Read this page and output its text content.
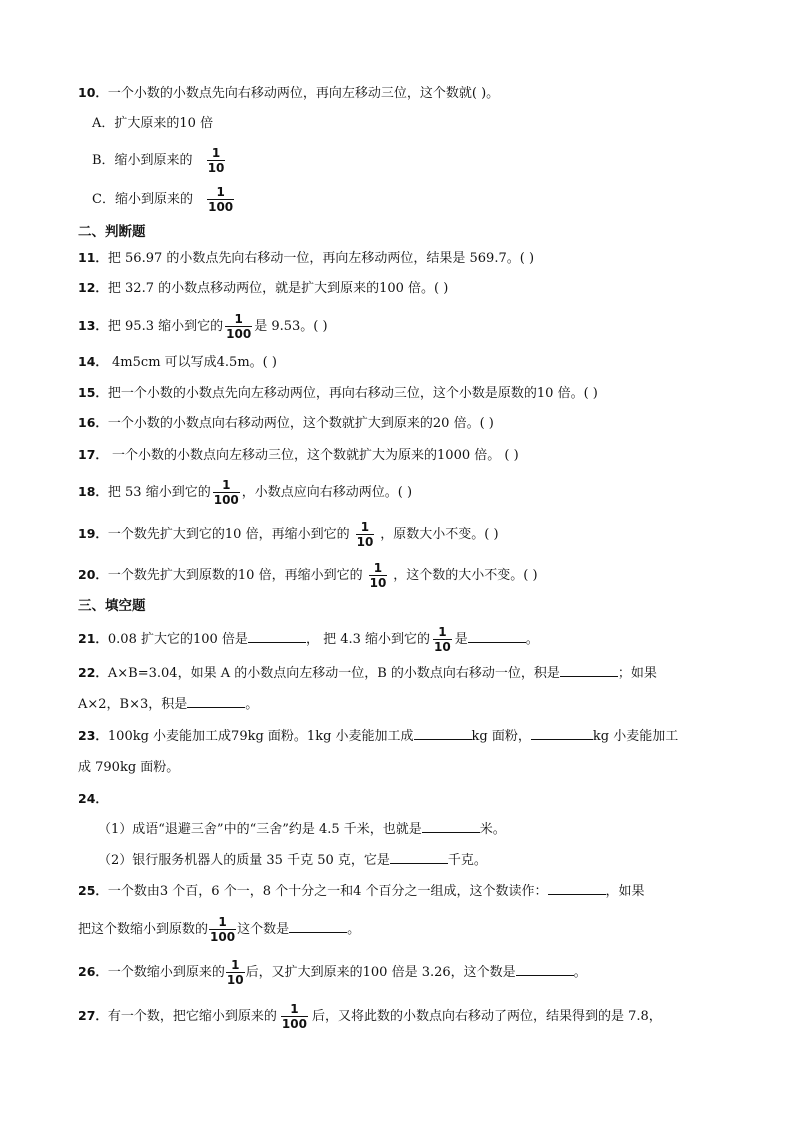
10．一个小数的小数点先向右移动两位，再向左移动三位，这个数就( )。
A．扩大原来的10 倍
B．缩小到原来的 $\frac{1}{10}$
C．缩小到原来的 $\frac{1}{100}$
二、判断题
11．把 56.97 的小数点先向右移动一位，再向左移动两位，结果是 569.7。( )
12．把 32.7 的小数点移动两位，就是扩大到原来的100 倍。( )
13．把 95.3 缩小到它的 $\frac{1}{100}$ 是 9.53。( )
14． 4m5cm 可以写成4.5m。( )
15．把一个小数的小数点先向左移动两位，再向右移动三位，这个小数是原数的10 倍。( )
16．一个小数的小数点向右移动两位，这个数就扩大到原来的20 倍。( )
17． 一个小数的小数点向左移动三位，这个数就扩大为原来的1000 倍。 ( )
18．把 53 缩小到它的 $\frac{1}{100}$ ，小数点应向右移动两位。( )
19．一个数先扩大到它的10 倍，再缩小到它的 $\frac{1}{10}$ ，原数大小不变。( )
20．一个数先扩大到原数的10 倍，再缩小到它的 $\frac{1}{10}$ ，这个数的大小不变。( )
三、填空题
21．0.08 扩大它的100 倍是	， 把 4.3 缩小到它的 $\frac{1}{10}$ 是	。
22．A×B=3.04，如果 A 的小数点向左移动一位，B 的小数点向右移动一位，积是	；如果
A×2，B×3，积是	。
23．100kg 小麦能加工成79kg 面粉。1kg 小麦能加工成	kg 面粉，	kg 小麦能加工
成 790kg 面粉。
24．
（1）成语“退避三舍”中的“三舍”约是 4.5 千米，也就是	米。
（2）银行服务机器人的质量 35 千克 50 克，它是	千克。
25．一个数由3 个百，6 个一，8 个十分之一和4 个百分之一组成，这个数读作：	，如果
把这个数缩小到原数的 $\frac{1}{100}$ 这个数是	。
26．一个数缩小到原来的 $\frac{1}{10}$ 后，又扩大到原来的100 倍是 3.26，这个数是	。
27．有一个数，把它缩小到原来的 $\frac{1}{100}$ 后，又将此数的小数点向右移动了两位，结果得到的是 7.8，
